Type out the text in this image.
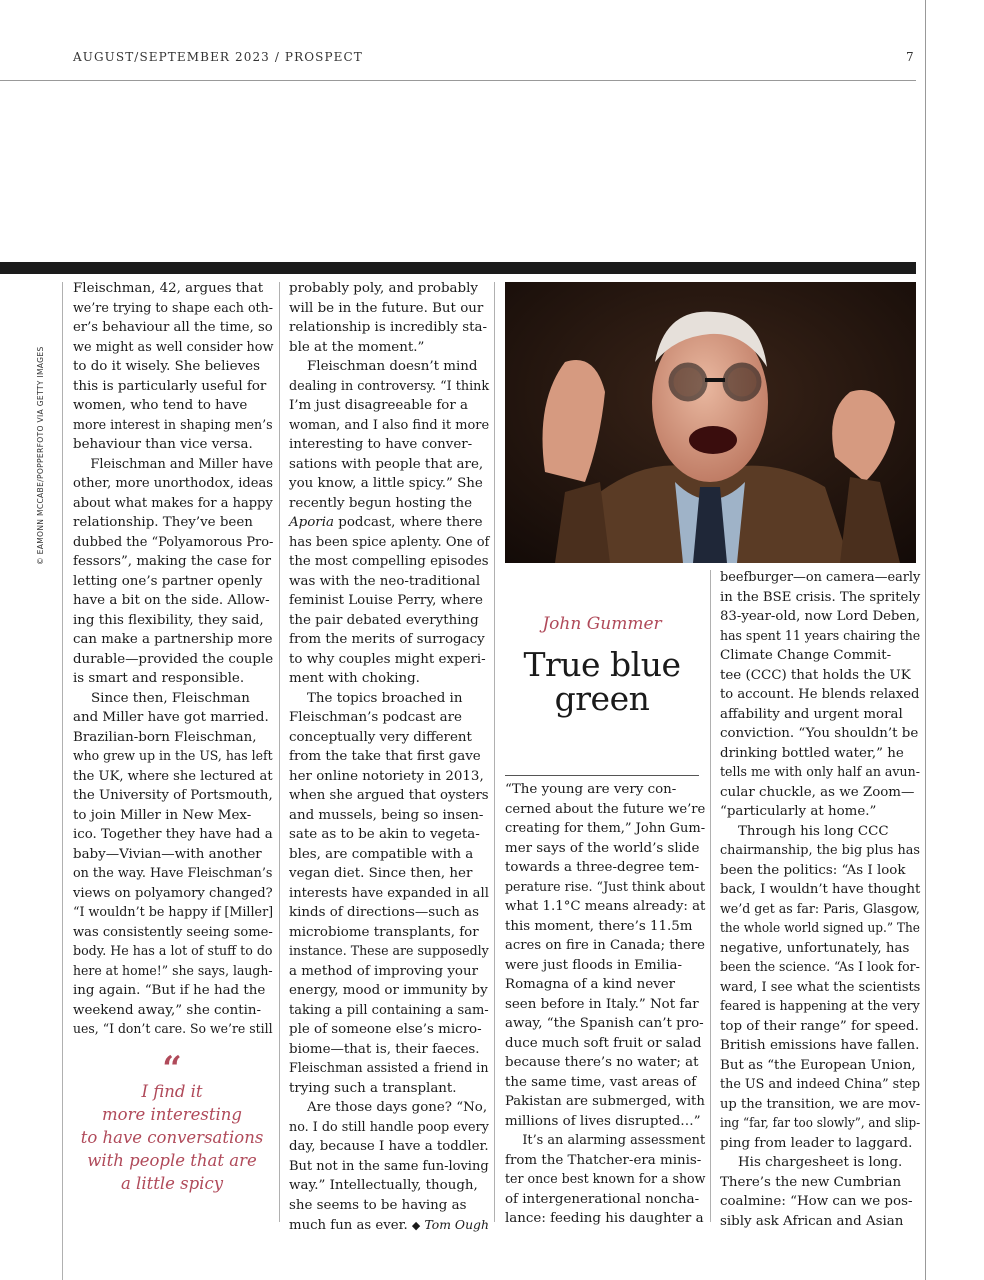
AUGUST/SEPTEMBER 2023 / PROSPECT	7
© EAMONN MCCABE/POPPERFOTO VIA GETTY IMAGES
Fleischman, 42, argues that
we’re trying to shape each oth-
er’s behaviour all the time, so
we might as well consider how
to do it wisely. She believes
this is particularly useful for
women, who tend to have
more interest in shaping men’s
behaviour than vice versa.
Fleischman and Miller have
other, more unorthodox, ideas
about what makes for a happy
relationship. They’ve been
dubbed the “Polyamorous Pro-
fessors”, making the case for
letting one’s partner openly
have a bit on the side. Allow-
ing this flexibility, they said,
can make a partnership more
durable—provided the couple
is smart and responsible.
Since then, Fleischman
and Miller have got married.
Brazilian-born Fleischman,
who grew up in the US, has left
the UK, where she lectured at
the University of Portsmouth,
to join Miller in New Mex-
ico. Together they have had a
baby—Vivian—with another
on the way. Have Fleischman’s
views on polyamory changed?
“I wouldn’t be happy if [Miller]
was consistently seeing some-
body. He has a lot of stuff to do
here at home!” she says, laugh-
ing again. “But if he had the
weekend away,” she contin-
ues, “I don’t care. So we’re still
“
I find it
more interesting
to have conversations
with people that are
a little spicy
probably poly, and probably
will be in the future. But our
relationship is incredibly sta-
ble at the moment.”
Fleischman doesn’t mind
dealing in controversy. “I think
I’m just disagreeable for a
woman, and I also find it more
interesting to have conver-
sations with people that are,
you know, a little spicy.” She
recently begun hosting the
Aporia podcast, where there
has been spice aplenty. One of
the most compelling episodes
was with the neo-traditional
feminist Louise Perry, where
the pair debated everything
from the merits of surrogacy
to why couples might experi-
ment with choking.
The topics broached in
Fleischman’s podcast are
conceptually very different
from the take that first gave
her online notoriety in 2013,
when she argued that oysters
and mussels, being so insen-
sate as to be akin to vegeta-
bles, are compatible with a
vegan diet. Since then, her
interests have expanded in all
kinds of directions—such as
microbiome transplants, for
instance. These are supposedly
a method of improving your
energy, mood or immunity by
taking a pill containing a sam-
ple of someone else’s micro-
biome—that is, their faeces.
Fleischman assisted a friend in
trying such a transplant.
Are those days gone? “No,
no. I do still handle poop every
day, because I have a toddler.
But not in the same fun-loving
way.” Intellectually, though,
she seems to be having as
much fun as ever. ◆ Tom Ough
John Gummer
True blue
green
“The young are very con-
cerned about the future we’re
creating for them,” John Gum-
mer says of the world’s slide
towards a three-degree tem-
perature rise. “Just think about
what 1.1°C means already: at
this moment, there’s 11.5m
acres on fire in Canada; there
were just floods in Emilia-
Romagna of a kind never
seen before in Italy.” Not far
away, “the Spanish can’t pro-
duce much soft fruit or salad
because there’s no water; at
the same time, vast areas of
Pakistan are submerged, with
millions of lives disrupted…”
It’s an alarming assessment
from the Thatcher-era minis-
ter once best known for a show
of intergenerational noncha-
lance: feeding his daughter a
beefburger—on camera—early
in the BSE crisis. The spritely
83-year-old, now Lord Deben,
has spent 11 years chairing the
Climate Change Commit-
tee (CCC) that holds the UK
to account. He blends relaxed
affability and urgent moral
conviction. “You shouldn’t be
drinking bottled water,” he
tells me with only half an avun-
cular chuckle, as we Zoom—
“particularly at home.”
Through his long CCC
chairmanship, the big plus has
been the politics: “As I look
back, I wouldn’t have thought
we’d get as far: Paris, Glasgow,
the whole world signed up.” The
negative, unfortunately, has
been the science. “As I look for-
ward, I see what the scientists
feared is happening at the very
top of their range” for speed.
British emissions have fallen.
But as “the European Union,
the US and indeed China” step
up the transition, we are mov-
ing “far, far too slowly”, and slip-
ping from leader to laggard.
His chargesheet is long.
There’s the new Cumbrian
coalmine: “How can we pos-
sibly ask African and Asian
